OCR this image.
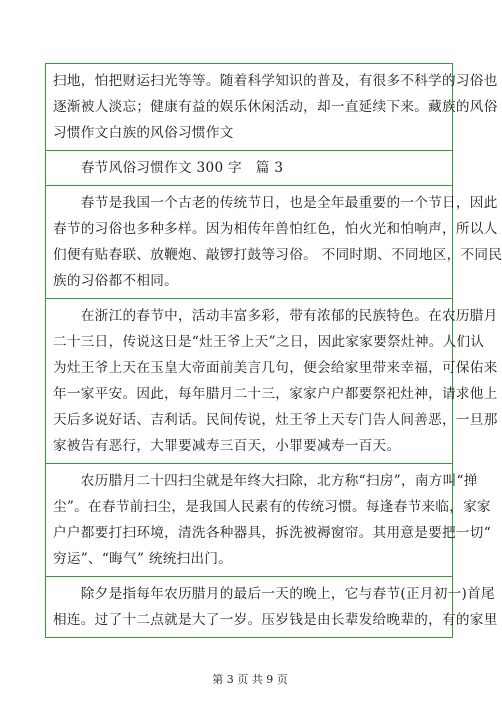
扫地，怕把财运扫光等等。随着科学知识的普及，有很多不科学的习俗也
逐渐被人淡忘；健康有益的娱乐休闲活动，却一直延续下来。藏族的风俗
习惯作文白族的风俗习惯作文
　　春节风俗习惯作文 300 字　篇 3
　　春节是我国一个古老的传统节日，也是全年最重要的一个节日，因此
春节的习俗也多种多样。因为相传年兽怕红色，怕火光和怕响声，所以人
们便有贴春联、放鞭炮、敲锣打鼓等习俗。 不同时期、不同地区，不同民
族的习俗都不相同。
　　在浙江的春节中，活动丰富多彩，带有浓郁的民族特色。在农历腊月
二十三日，传说这日是“灶王爷上天”之日，因此家家要祭灶神。人们认
为灶王爷上天在玉皇大帝面前美言几句，便会给家里带来幸福，可保佑来
年一家平安。因此，每年腊月二十三，家家户户都要祭祀灶神，请求他上
天后多说好话、吉利话。民间传说，灶王爷上天专门告人间善恶，一旦那
家被告有恶行，大罪要减寿三百天，小罪要减寿一百天。
　　农历腊月二十四扫尘就是年终大扫除，北方称“扫房”，南方叫“掸
尘”。在春节前扫尘，是我国人民素有的传统习惯。每逢春节来临，家家
户户都要打扫环境，清洗各种器具，拆洗被褥窗帘。其用意是要把一切“
穷运”、“晦气” 统统扫出门。
　　除夕是指每年农历腊月的最后一天的晚上，它与春节(正月初一)首尾
相连。过了十二点就是大了一岁。压岁钱是由长辈发给晚辈的，有的家里
第 3 页 共 9 页
